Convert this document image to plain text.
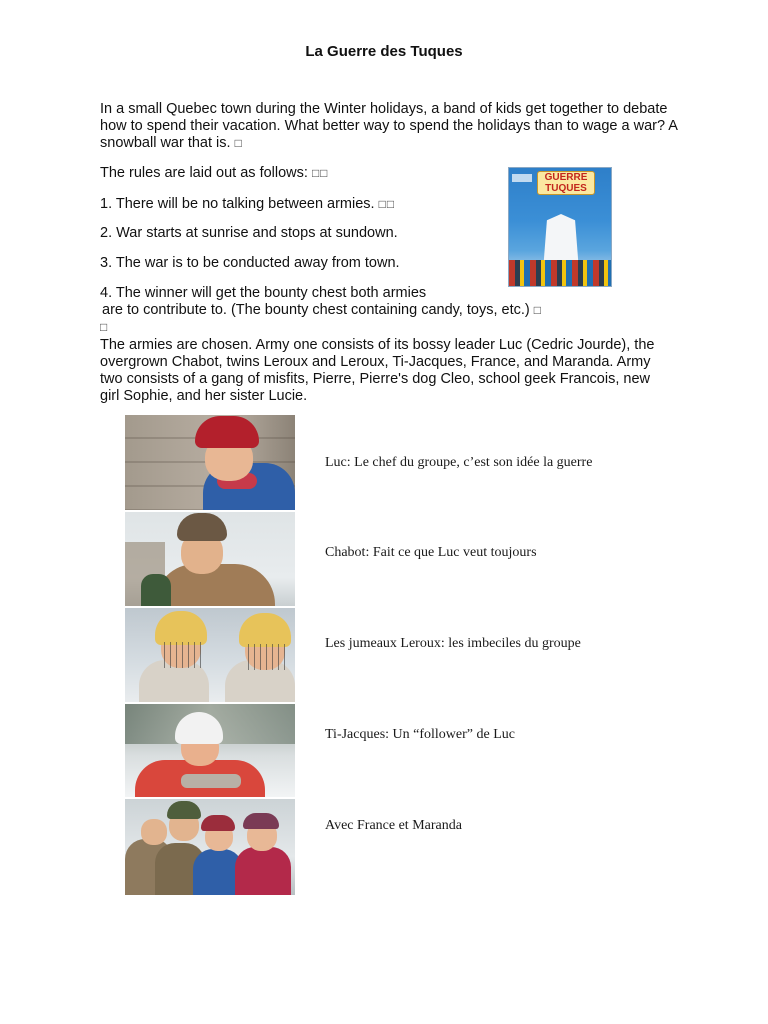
La Guerre des Tuques

In a small Quebec town during the Winter holidays, a band of kids get together to debate how to spend their vacation. What better way to spend the holidays than to wage a war? A snowball war that is. □

The rules are laid out as follows: □□

1. There will be no talking between armies. □□

2. War starts at sunrise and stops at sundown.

3. The war is to be conducted away from town.

4. The winner will get the bounty chest both armies

are to contribute to. (The bounty chest containing candy, toys, etc.) □

□

The armies are chosen. Army one consists of its bossy leader Luc (Cedric Jourde), the overgrown Chabot, twins Leroux and Leroux, Ti-Jacques, France, and Maranda. Army two consists of a gang of misfits, Pierre, Pierre's dog Cleo, school geek Francois, new girl Sophie, and her sister Lucie.

GUERRE
TUQUES
Luc: Le chef du groupe, c’est son idée la guerre
Chabot: Fait ce que Luc veut toujours
Les jumeaux Leroux: les imbeciles du groupe
Ti-Jacques: Un “follower” de Luc
Avec France et Maranda
